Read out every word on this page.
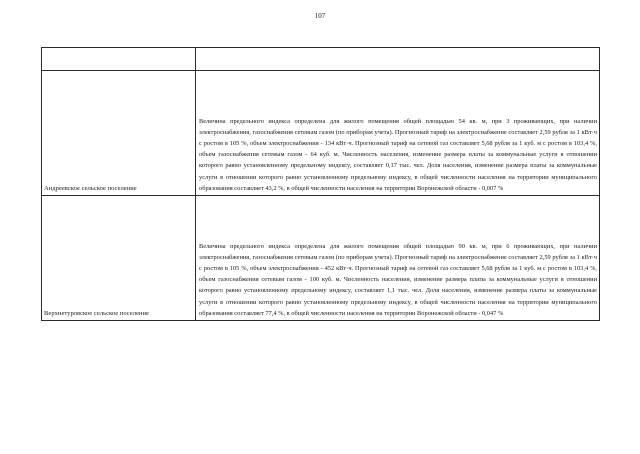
107

Андреевское сельское поселение	Величина предельного индекса определена для жилого помещения общей площадью 54 кв. м, при 3 проживающих, при наличии электроснабжения, газоснабжения сетевым газом (по приборам учета). Прогнозный тариф на электроснабжение составляет 2,59 рубля за 1 кВт·ч с ростом в 105 %, объем электроснабжения - 134 кВт·ч. Прогнозный тариф на сетевой газ составляет 5,68 рубля за 1 куб. м с ростом в 103,4 %, объем газоснабжения сетевым газом - 64 куб. м. Численность населения, изменение размера платы за коммунальные услуги в отношении которого равно установленному предельному индексу, составляет 0,17 тыс. чел. Доля населения, изменение размера платы за коммунальные услуги в отношении которого равно установленному предельному индексу, в общей численности населения на территории муниципального образования составляет 43,2 %, в общей численности населения на территории Воронежской области - 0,007 %

Верхнетуровское сельское поселение	Величина предельного индекса определена для жилого помещения общей площадью 90 кв. м, при 6 проживающих, при наличии электроснабжения, газоснабжения сетевым газом (по приборам учета). Прогнозный тариф на электроснабжение составляет 2,59 рубля за 1 кВт·ч с ростом в 105 %, объем электроснабжения - 452 кВт·ч. Прогнозный тариф на сетевой газ составляет 5,68 рубля за 1 куб. м с ростом в 103,4 %, объем газоснабжения сетевым газом - 100 куб. м. Численность населения, изменение размера платы за коммунальные услуги в отношении которого равно установленному предельному индексу, составляет 1,1 тыс. чел. Доля населения, изменение размера платы за коммунальные услуги в отношении которого равно установленному предельному индексу, в общей численности населения на территории муниципального образования составляет 77,4 %, в общей численности населения на территории Воронежской области - 0,047 %
